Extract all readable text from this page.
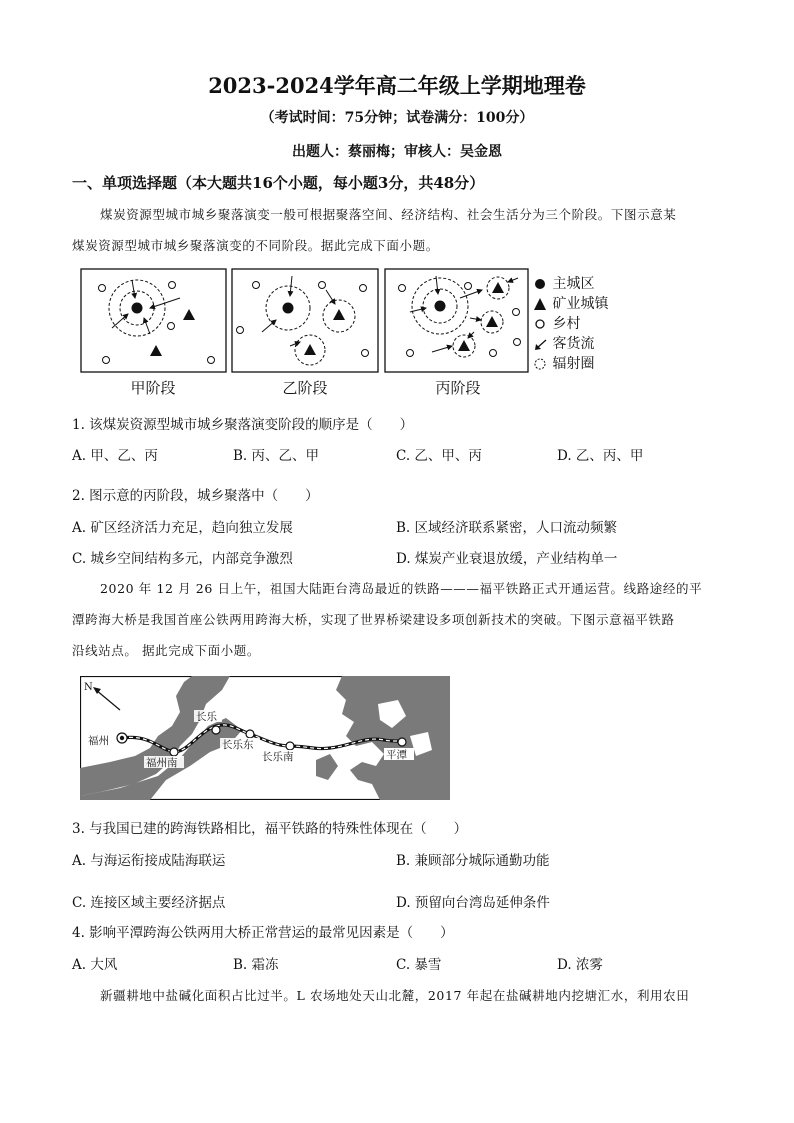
2023-2024学年高二年级上学期地理卷
（考试时间：75分钟；试卷满分：100分）
出题人：蔡丽梅；审核人：吴金恩
一、单项选择题（本大题共16个小题，每小题3分，共48分）
煤炭资源型城市城乡聚落演变一般可根据聚落空间、经济结构、社会生活分为三个阶段。下图示意某
煤炭资源型城市城乡聚落演变的不同阶段。据此完成下面小题。
主城区
矿业城镇
乡村
客货流
辐射圈
甲阶段	乙阶段	丙阶段
1. 该煤炭资源型城市城乡聚落演变阶段的顺序是（　　）
A. 甲、乙、丙	B. 丙、乙、甲	C. 乙、甲、丙	D. 乙、丙、甲
2. 图示意的丙阶段，城乡聚落中（　　）
A. 矿区经济活力充足，趋向独立发展	B. 区域经济联系紧密，人口流动频繁
C. 城乡空间结构多元，内部竞争激烈	D. 煤炭产业衰退放缓，产业结构单一
2020 年 12 月 26 日上午，祖国大陆距台湾岛最近的铁路———福平铁路正式开通运营。线路途经的平
潭跨海大桥是我国首座公铁两用跨海大桥，实现了世界桥梁建设多项创新技术的突破。下图示意福平铁路
沿线站点。 据此完成下面小题。
N
福州
福州南
长乐
长乐东
长乐南	平潭
3. 与我国已建的跨海铁路相比，福平铁路的特殊性体现在（　　）
A. 与海运衔接成陆海联运	B. 兼顾部分城际通勤功能
C. 连接区域主要经济据点	D. 预留向台湾岛延伸条件
4. 影响平潭跨海公铁两用大桥正常营运的最常见因素是（　　）
A. 大风	B. 霜冻	C. 暴雪	D. 浓雾
新疆耕地中盐碱化面积占比过半。L 农场地处天山北麓，2017 年起在盐碱耕地内挖塘汇水，利用农田
